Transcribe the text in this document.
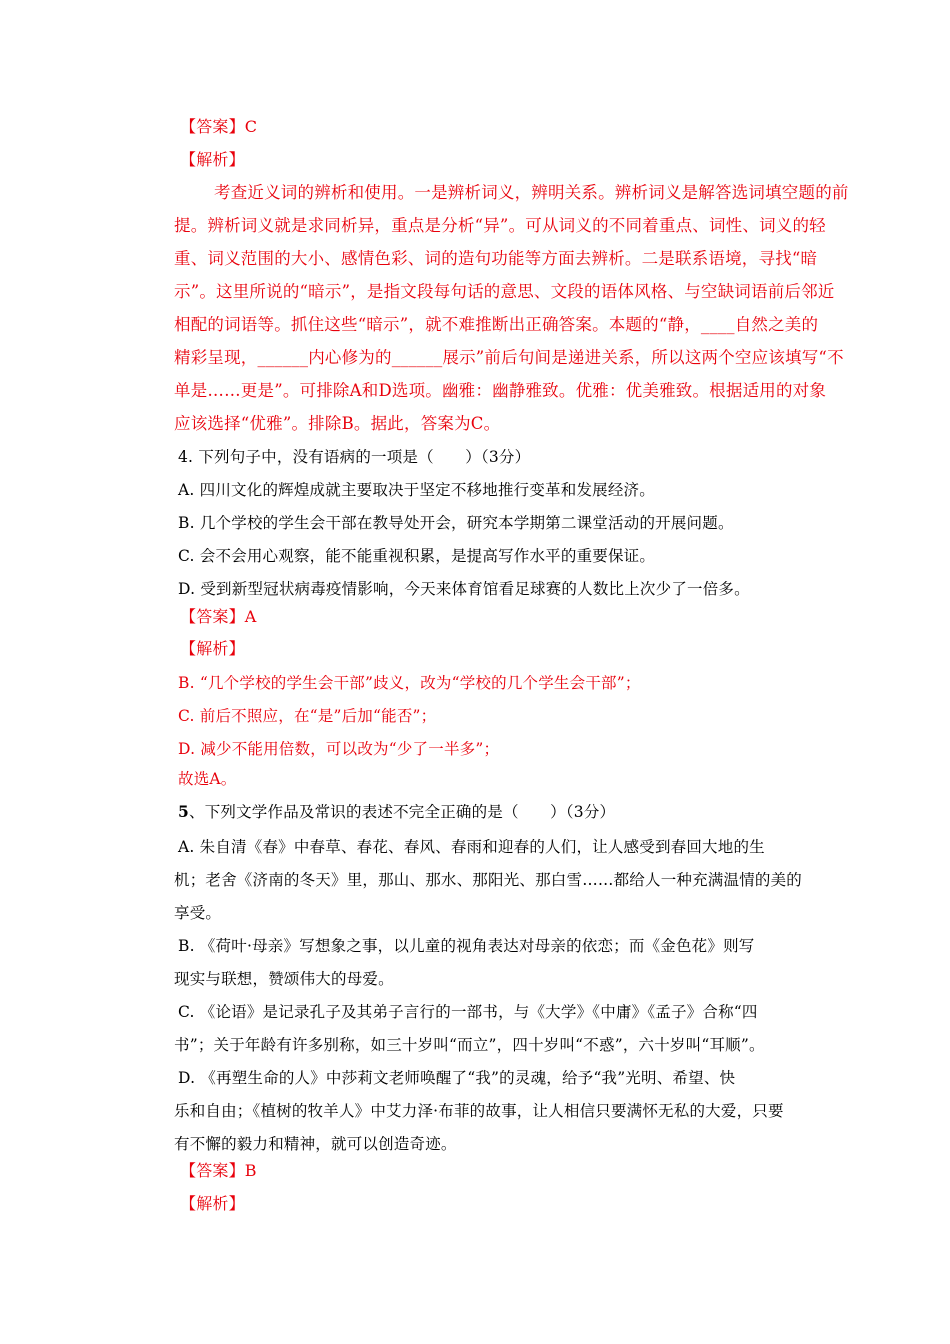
【答案】C
【解析】
考查近义词的辨析和使用。一是辨析词义，辨明关系。辨析词义是解答选词填空题的前
提。辨析词义就是求同析异，重点是分析“异”。可从词义的不同着重点、词性、词义的轻
重、词义范围的大小、感情色彩、词的造句功能等方面去辨析。二是联系语境，寻找“暗
示”。这里所说的“暗示”，是指文段每句话的意思、文段的语体风格、与空缺词语前后邻近
相配的词语等。抓住这些“暗示”，就不难推断出正确答案。本题的“静，____自然之美的
精彩呈现，______内心修为的______展示”前后句间是递进关系，所以这两个空应该填写“不
单是……更是”。可排除A和D选项。幽雅：幽静雅致。优雅：优美雅致。根据适用的对象
应该选择“优雅”。排除B。据此，答案为C。
4. 下列句子中，没有语病的一项是（　　）（3分）
A. 四川文化的辉煌成就主要取决于坚定不移地推行变革和发展经济。
B. 几个学校的学生会干部在教导处开会，研究本学期第二课堂活动的开展问题。
C. 会不会用心观察，能不能重视积累，是提高写作水平的重要保证。
D. 受到新型冠状病毒疫情影响，今天来体育馆看足球赛的人数比上次少了一倍多。
【答案】A
【解析】
B. “几个学校的学生会干部”歧义，改为“学校的几个学生会干部”；
C. 前后不照应，在“是”后加“能否”；
D. 减少不能用倍数，可以改为“少了一半多”；
故选A。
5、下列文学作品及常识的表述不完全正确的是（　　）（3分）
A. 朱自清《春》中春草、春花、春风、春雨和迎春的人们，让人感受到春回大地的生
机；老舍《济南的冬天》里，那山、那水、那阳光、那白雪……都给人一种充满温情的美的
享受。
B. 《荷叶·母亲》写想象之事，以儿童的视角表达对母亲的依恋；而《金色花》则写
现实与联想，赞颂伟大的母爱。
C. 《论语》是记录孔子及其弟子言行的一部书，与《大学》《中庸》《孟子》合称“四
书”；关于年龄有许多别称，如三十岁叫“而立”，四十岁叫“不惑”，六十岁叫“耳顺”。
D. 《再塑生命的人》中莎莉文老师唤醒了“我”的灵魂，给予“我”光明、希望、快
乐和自由；《植树的牧羊人》中艾力泽·布菲的故事，让人相信只要满怀无私的大爱，只要
有不懈的毅力和精神，就可以创造奇迹。
【答案】B
【解析】
